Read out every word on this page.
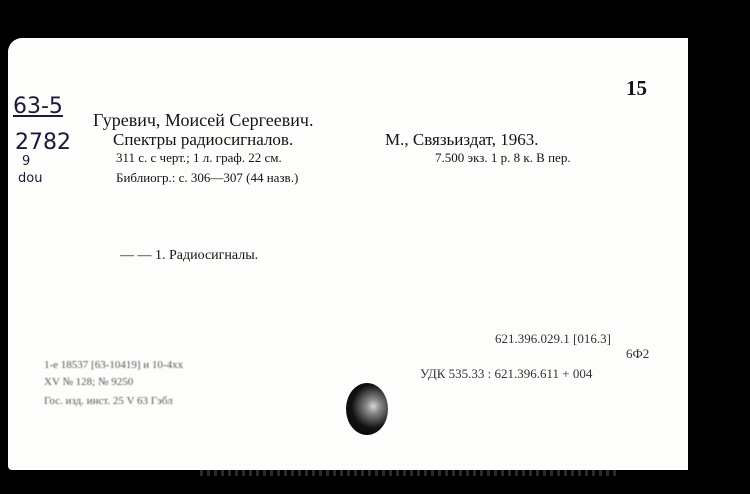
15
63-5
2782
9
dou
Гуревич, Моисей Сергеевич.
Спектры радиосигналов.	М., Связьиздат, 1963.
311 с. с черт.; 1 л. граф. 22 см.	7.500 экз. 1 р. 8 к. В пер.
Библиогр.: с. 306—307 (44 назв.)
— — 1. Радиосигналы.
621.396.029.1 [016.3]
6Ф2
УДК 535.33 : 621.396.611 + 004
1-е 18537 [63-10419] и 10-4хх
XV № 128; № 9250
Гос. изд. инст. 25 V 63 Гэбл
